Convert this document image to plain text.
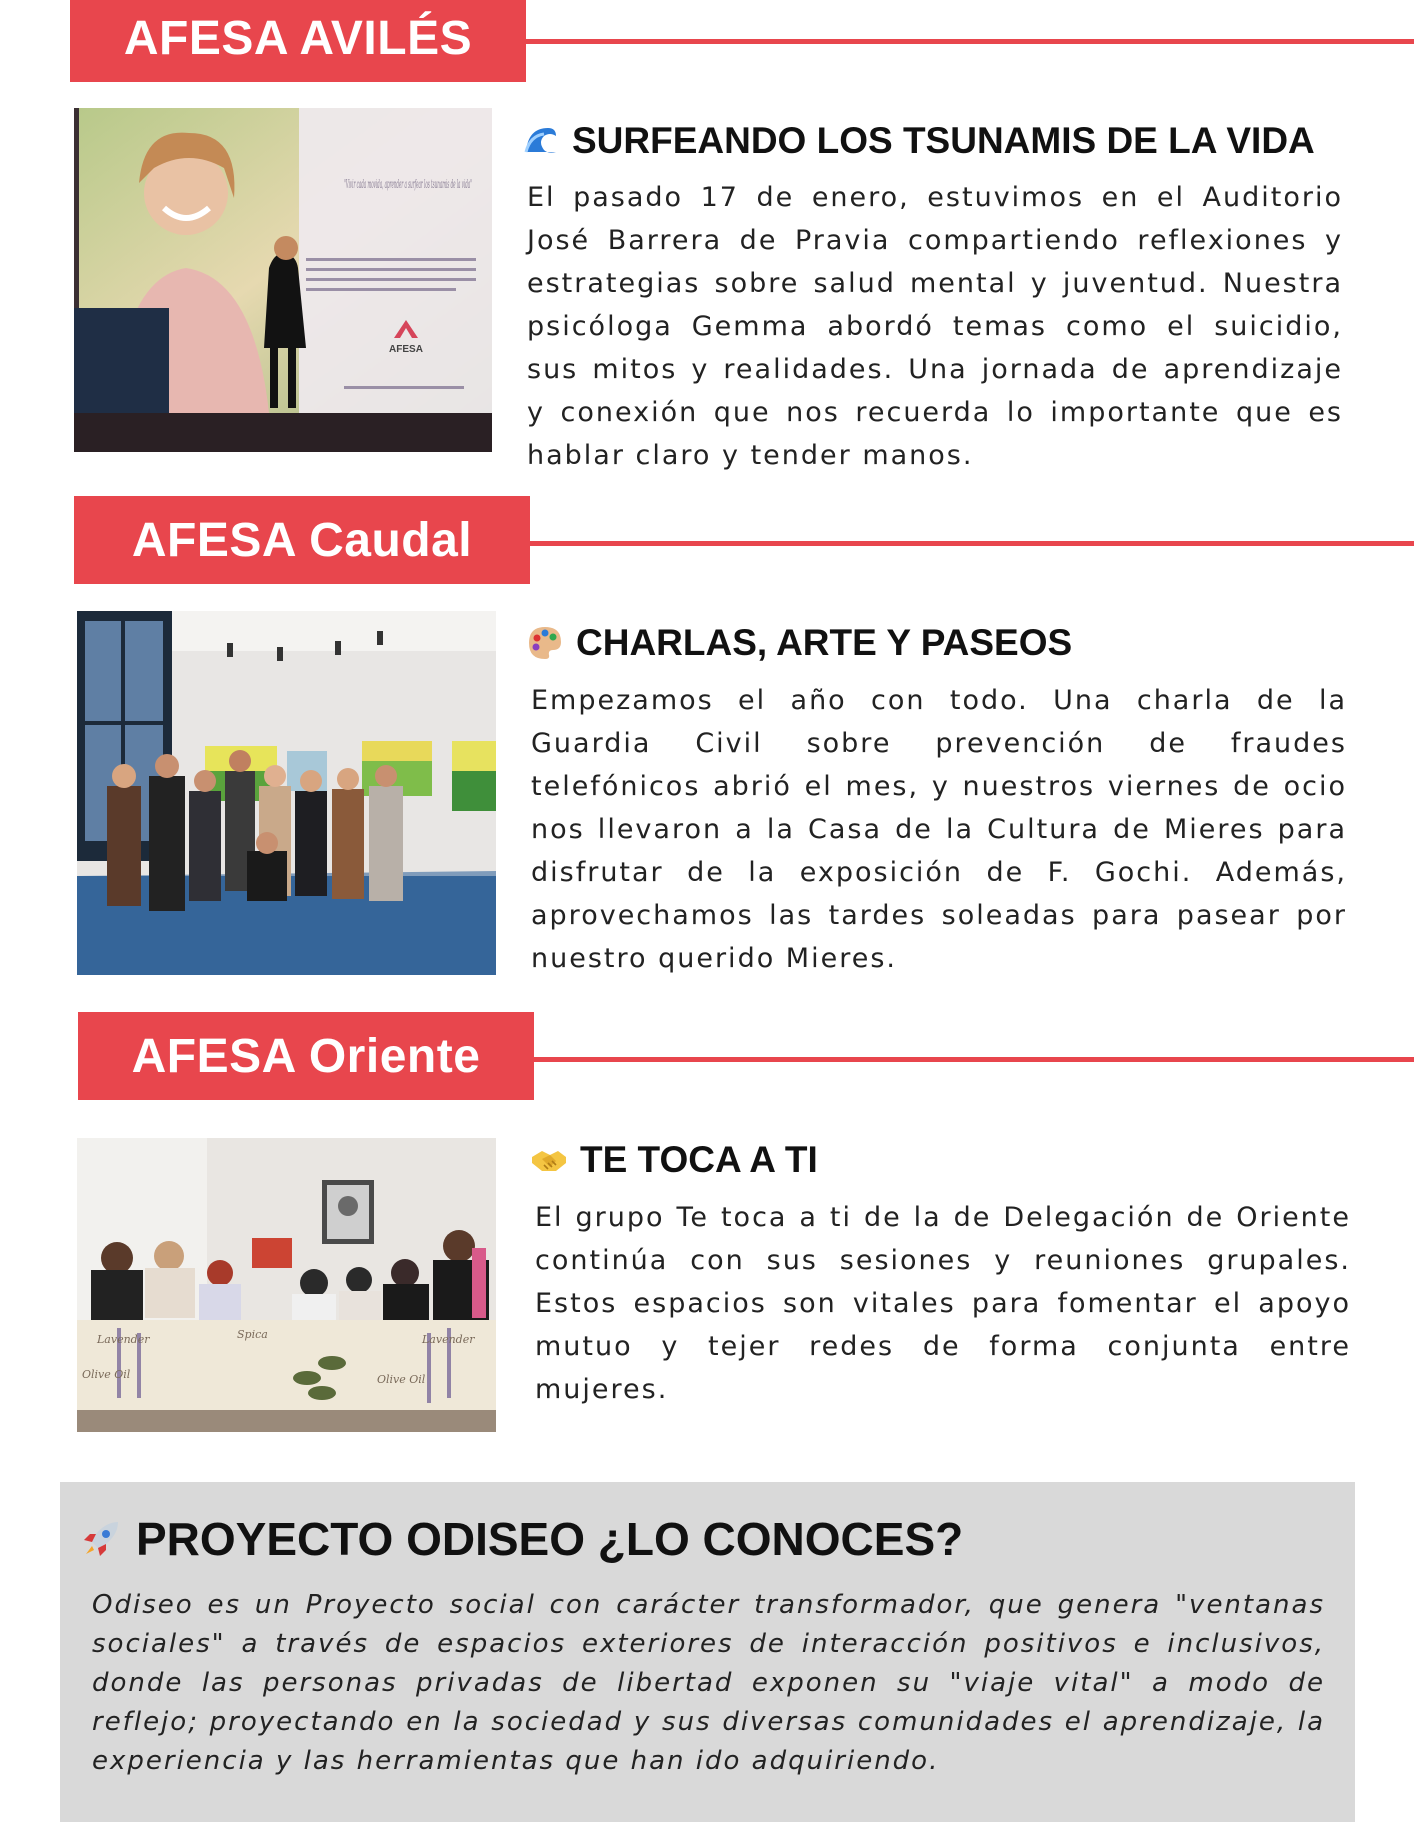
AFESA AVILÉS
"Vivir cada movida, aprender a surfear los tsunamis de la vida"
AFESA
SURFEANDO LOS TSUNAMIS DE LA VIDA

El pasado 17 de enero, estuvimos en el Auditorio José Barrera de Pravia compartiendo reflexiones y estrategias sobre salud mental y juventud. Nuestra psicóloga Gemma abordó temas como el suicidio, sus mitos y realidades. Una jornada de aprendizaje y conexión que nos recuerda lo importante que es hablar claro y tender manos.

AFESA Caudal
CHARLAS, ARTE Y PASEOS

Empezamos el año con todo. Una charla de la Guardia Civil sobre prevención de fraudes telefónicos abrió el mes, y nuestros viernes de ocio nos llevaron a la Casa de la Cultura de Mieres para disfrutar de la exposición de F. Gochi. Además, aprovechamos las tardes soleadas para pasear por nuestro querido Mieres.

AFESA Oriente
Lavender	Spica
Olive Oil
Lavender
Olive Oil
TE TOCA A TI

El grupo Te toca a ti de la de Delegación de Oriente continúa con sus sesiones y reuniones grupales. Estos espacios son vitales para fomentar el apoyo mutuo y tejer redes de forma conjunta entre mujeres.

PROYECTO ODISEO ¿LO CONOCES?

Odiseo es un Proyecto social con carácter transformador, que genera "ventanas sociales" a través de espacios exteriores de interacción positivos e inclusivos, donde las personas privadas de libertad exponen su "viaje vital" a modo de reflejo; proyectando en la sociedad y sus diversas comunidades el aprendizaje, la experiencia y las herramientas que han ido adquiriendo.
